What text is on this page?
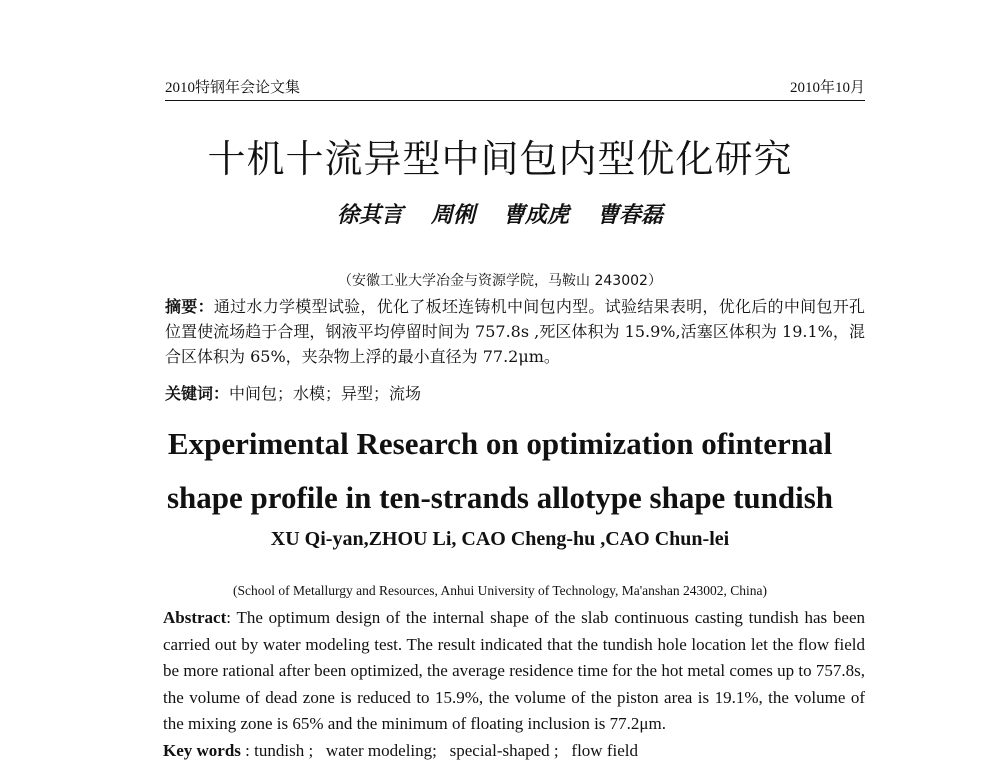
2010特钢年会论文集	2010年10月
十机十流异型中间包内型优化研究
徐其言 周俐 曹成虎 曹春磊
（安徽工业大学冶金与资源学院，马鞍山 243002）
摘要：通过水力学模型试验，优化了板坯连铸机中间包内型。试验结果表明，优化后的中间包开孔位置使流场趋于合理，钢液平均停留时间为 757.8s ,死区体积为 15.9%,活塞区体积为 19.1%，混合区体积为 65%，夹杂物上浮的最小直径为 77.2μm。
关键词：中间包；水模；异型；流场
Experimental Research on optimization ofinternal
shape profile in ten-strands allotype shape tundish
XU Qi-yan,ZHOU Li, CAO Cheng-hu ,CAO Chun-lei
(School of Metallurgy and Resources, Anhui University of Technology, Ma'anshan 243002, China)
Abstract: The optimum design of the internal shape of the slab continuous casting tundish has been carried out by water modeling test. The result indicated that the tundish hole location let the flow field be more rational after been optimized, the average residence time for the hot metal comes up to 757.8s, the volume of dead zone is reduced to 15.9%, the volume of the piston area is 19.1%, the volume of the mixing zone is 65% and the minimum of floating inclusion is 77.2μm.
Key words : tundish ;   water modeling;   special-shaped ;   flow field
